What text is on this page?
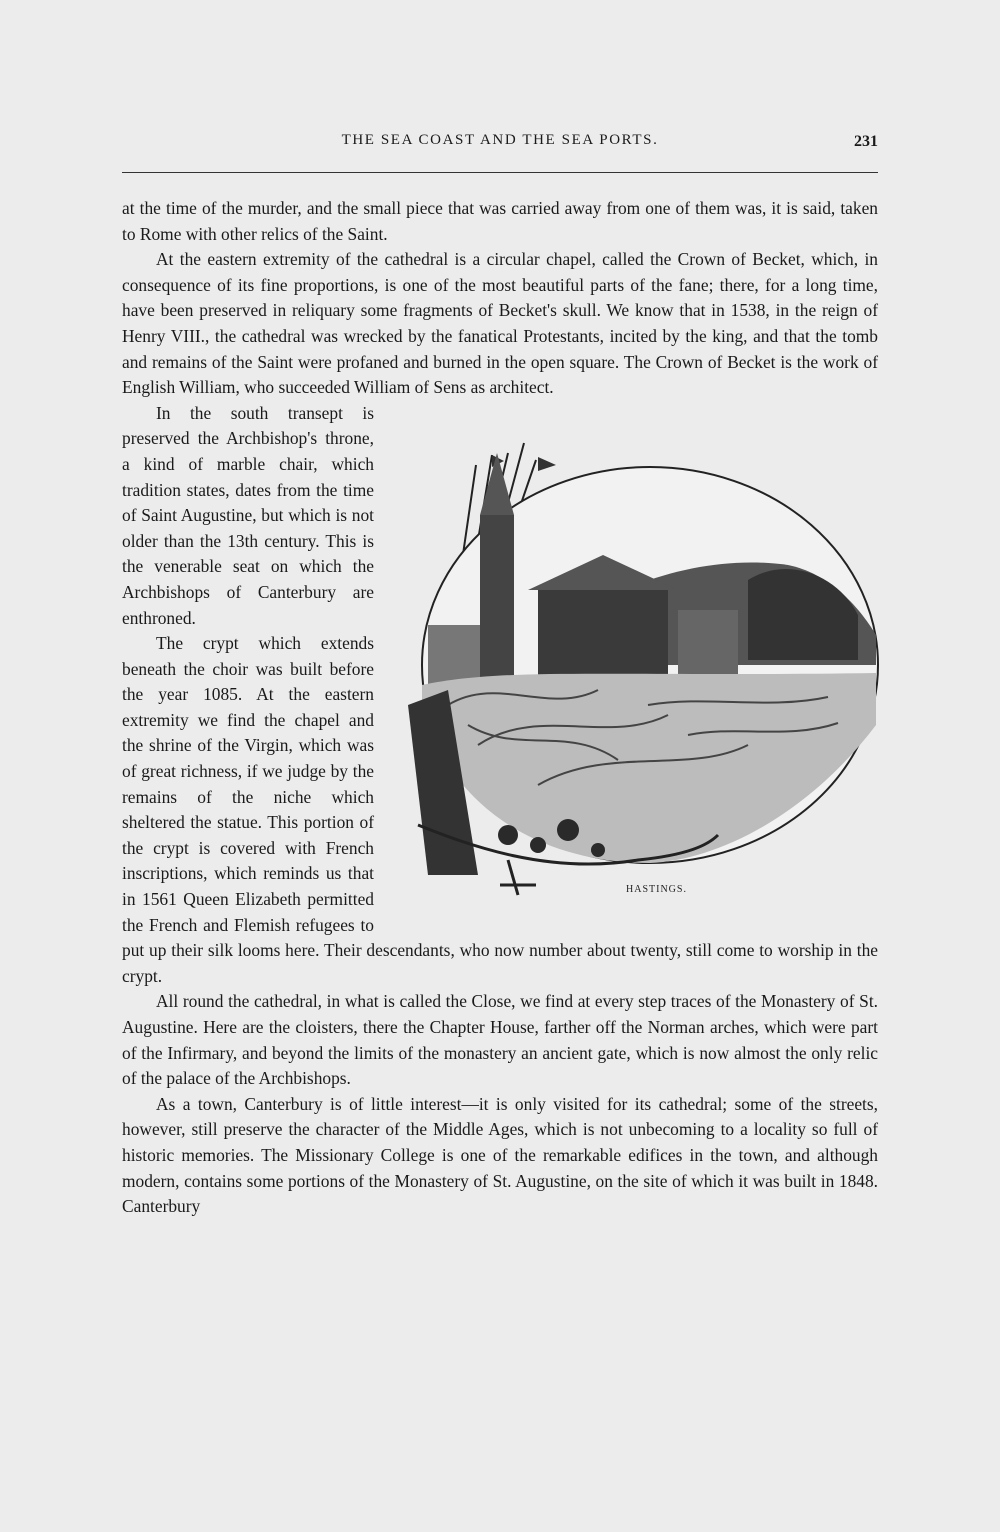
THE SEA COAST AND THE SEA PORTS.	231

at the time of the murder, and the small piece that was carried away from one of them was, it is said, taken to Rome with other relics of the Saint.

At the eastern extremity of the cathedral is a circular chapel, called the Crown of Becket, which, in consequence of its fine proportions, is one of the most beautiful parts of the fane; there, for a long time, have been preserved in reliquary some fragments of Becket's skull. We know that in 1538, in the reign of Henry VIII., the cathedral was wrecked by the fanatical Protestants, incited by the king, and that the tomb and remains of the Saint were profaned and burned in the open square. The Crown of Becket is the work of English William, who succeeded William of Sens as architect.

HASTINGS.

In the south transept is preserved the Archbishop's throne, a kind of marble chair, which tradition states, dates from the time of Saint Augustine, but which is not older than the 13th century. This is the venerable seat on which the Archbishops of Canterbury are enthroned.

The crypt which extends beneath the choir was built before the year 1085. At the eastern extremity we find the chapel and the shrine of the Virgin, which was of great richness, if we judge by the remains of the niche which sheltered the statue. This portion of the crypt is covered with French inscriptions, which reminds us that in 1561 Queen Elizabeth permitted the French and Flemish refugees to put up their silk looms here. Their descendants, who now number about twenty, still come to worship in the crypt.

All round the cathedral, in what is called the Close, we find at every step traces of the Monastery of St. Augustine. Here are the cloisters, there the Chapter House, farther off the Norman arches, which were part of the Infirmary, and beyond the limits of the monastery an ancient gate, which is now almost the only relic of the palace of the Archbishops.

As a town, Canterbury is of little interest—it is only visited for its cathedral; some of the streets, however, still preserve the character of the Middle Ages, which is not unbecoming to a locality so full of historic memories. The Missionary College is one of the remarkable edifices in the town, and although modern, contains some portions of the Monastery of St. Augustine, on the site of which it was built in 1848. Canterbury
